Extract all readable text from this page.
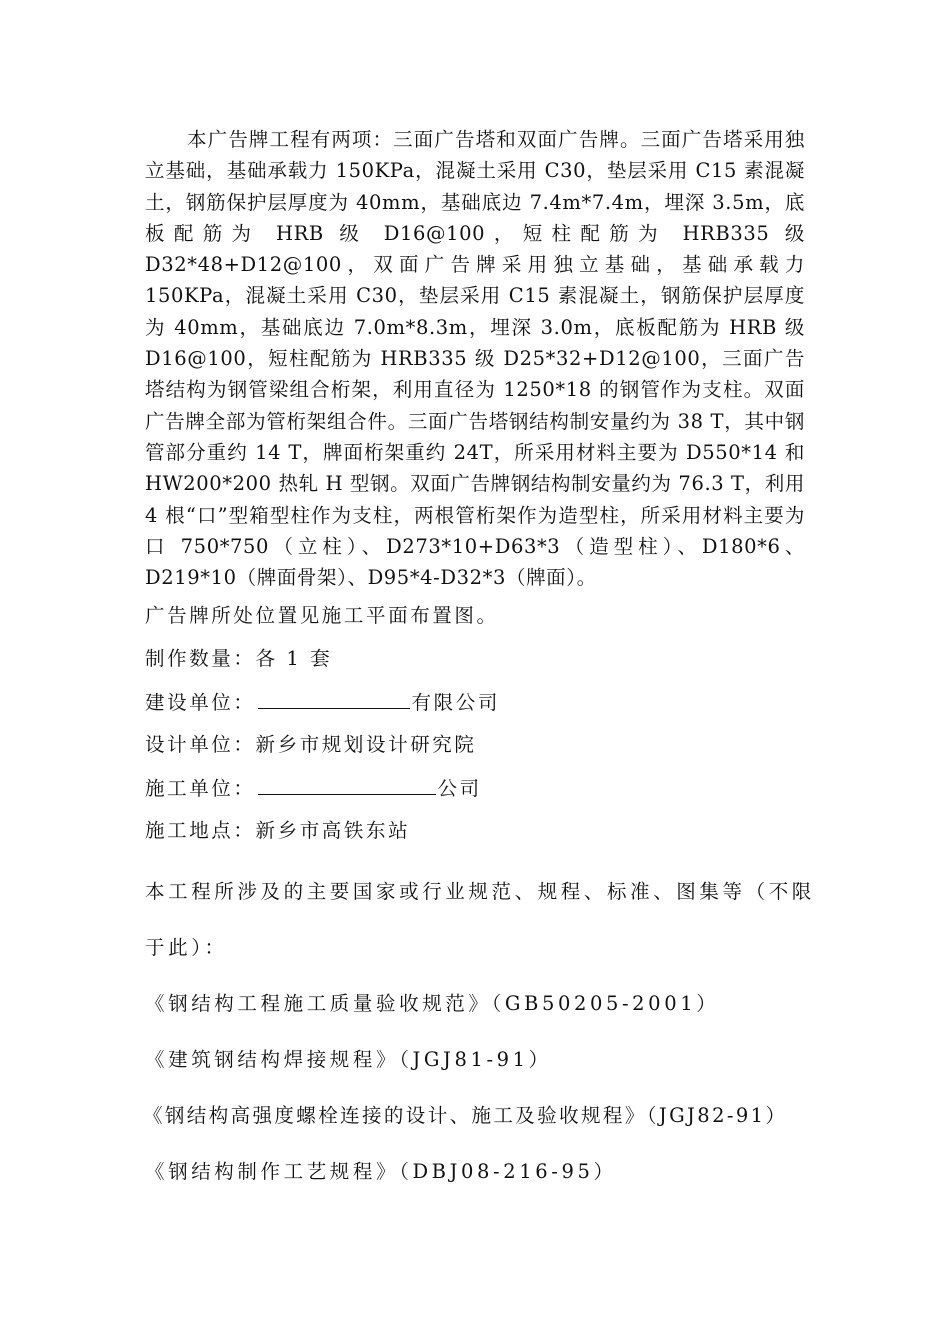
本广告牌工程有两项：三面广告塔和双面广告牌。三面广告塔采用独立基础，基础承载力 150KPa，混凝土采用 C30，垫层采用 C15 素混凝土，钢筋保护层厚度为 40mm，基础底边 7.4m*7.4m，埋深 3.5m，底板配筋为 HRB 级 D16@100，短柱配筋为 HRB335 级 D32*48+D12@100，双面广告牌采用独立基础，基础承载力 150KPa，混凝土采用 C30，垫层采用 C15 素混凝土，钢筋保护层厚度为 40mm，基础底边 7.0m*8.3m，埋深 3.0m，底板配筋为 HRB 级 D16@100，短柱配筋为 HRB335 级 D25*32+D12@100，三面广告塔结构为钢管梁组合桁架，利用直径为 1250*18 的钢管作为支柱。双面广告牌全部为管桁架组合件。三面广告塔钢结构制安量约为 38 T，其中钢管部分重约 14 T，牌面桁架重约 24T，所采用材料主要为 D550*14 和 HW200*200 热轧 H 型钢。双面广告牌钢结构制安量约为 76.3 T，利用 4 根“口”型箱型柱作为支柱，两根管桁架作为造型柱，所采用材料主要为口 750*750（立柱）、D273*10+D63*3（造型柱）、D180*6、D219*10（牌面骨架）、D95*4-D32*3（牌面）。

广告牌所处位置见施工平面布置图。

制作数量：各 1 套

建设单位：	有限公司

设计单位：新乡市规划设计研究院

施工单位：	公司

施工地点：新乡市高铁东站

本工程所涉及的主要国家或行业规范、规程、标准、图集等（不限

于此）：

《钢结构工程施工质量验收规范》（GB50205-2001）

《建筑钢结构焊接规程》（JGJ81-91）

《钢结构高强度螺栓连接的设计、施工及验收规程》（JGJ82-91）

《钢结构制作工艺规程》（DBJ08-216-95）
